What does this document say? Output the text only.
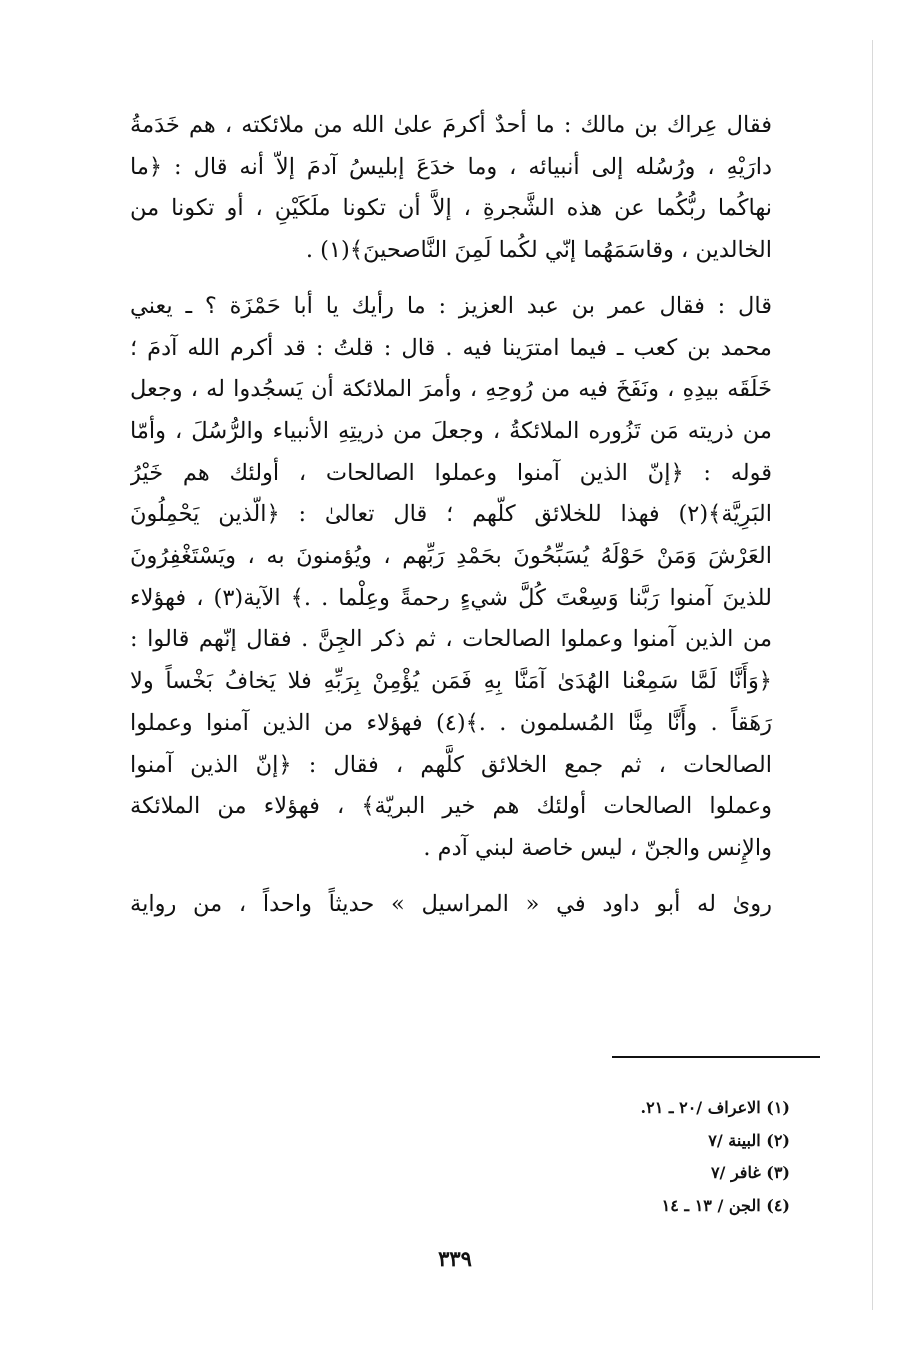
فقال عِراك بن مالك : ما أحدٌ أكرمَ علىٰ الله من ملائكته ، هم خَدَمةُ
دارَيْهِ ، ورُسُله إلى أنبيائه ، وما خدَعَ إبليسُ آدمَ إلاّ أنه قال : ﴿ما
نهاكُما ربُّكُما عن هذه الشَّجرةِ ، إلاَّ أن تكونا ملَكَيْنِ ، أو تكونا من
الخالدين ، وقاسَمَهُما إنّي لكُما لَمِنَ النَّاصحينَ﴾(١) .
قال : فقال عمر بن عبد العزيز : ما رأيك يا أبا حَمْزَة ؟ ـ يعني
محمد بن كعب ـ فيما امترَينا فيه . قال : قلتُ : قد أكرم الله آدمَ ؛
خَلَقَه بيدِهِ ، ونَفَخَ فيه من رُوحِهِ ، وأمرَ الملائكة أن يَسجُدوا له ، وجعل
من ذريته مَن تَزُوره الملائكةُ ، وجعلَ من ذريتِهِ الأنبياء والرُّسُلَ ، وأمّا
قوله : ﴿إنّ الذين آمنوا وعملوا الصالحات ، أولئك هم خَيْرُ
البَرِيَّة﴾(٢) فهذا للخلائق كلّهم ؛ قال تعالىٰ : ﴿الّذين يَحْمِلُونَ
العَرْشَ وَمَنْ حَوْلَهُ يُسَبِّحُونَ بحَمْدِ رَبِّهم ، ويُؤمنونَ به ، ويَسْتَغْفِرُونَ
للذينَ آمنوا رَبَّنا وَسِعْتَ كُلَّ شيءٍ رحمةً وعِلْما . .﴾ الآية(٣) ، فهؤلاء
من الذين آمنوا وعملوا الصالحات ، ثم ذكر الجِنَّ . فقال إنّهم قالوا :
﴿وَأَنَّا لَمَّا سَمِعْنا الهُدَىٰ آمَنَّا بِهِ فَمَن يُؤْمِنْ بِرَبِّهِ فلا يَخافُ بَخْساً ولا
رَهَقاً . وأَنَّا مِنَّا المُسلمون . .﴾(٤) فهؤلاء من الذين آمنوا وعملوا
الصالحات ، ثم جمع الخلائق كلَّهم ، فقال : ﴿إنّ الذين آمنوا
وعملوا الصالحات أولئك هم خير البريّة﴾ ، فهؤلاء من الملائكة
والإِنس والجنّ ، ليس خاصة لبني آدم .
روىٰ له أبو داود في « المراسيل » حديثاً واحداً ، من رواية
(١) الاعراف /٢٠ ـ ٢١.
(٢) البينة /٧
(٣) غافر /٧
(٤) الجن / ١٣ ـ ١٤
٣٣٩
